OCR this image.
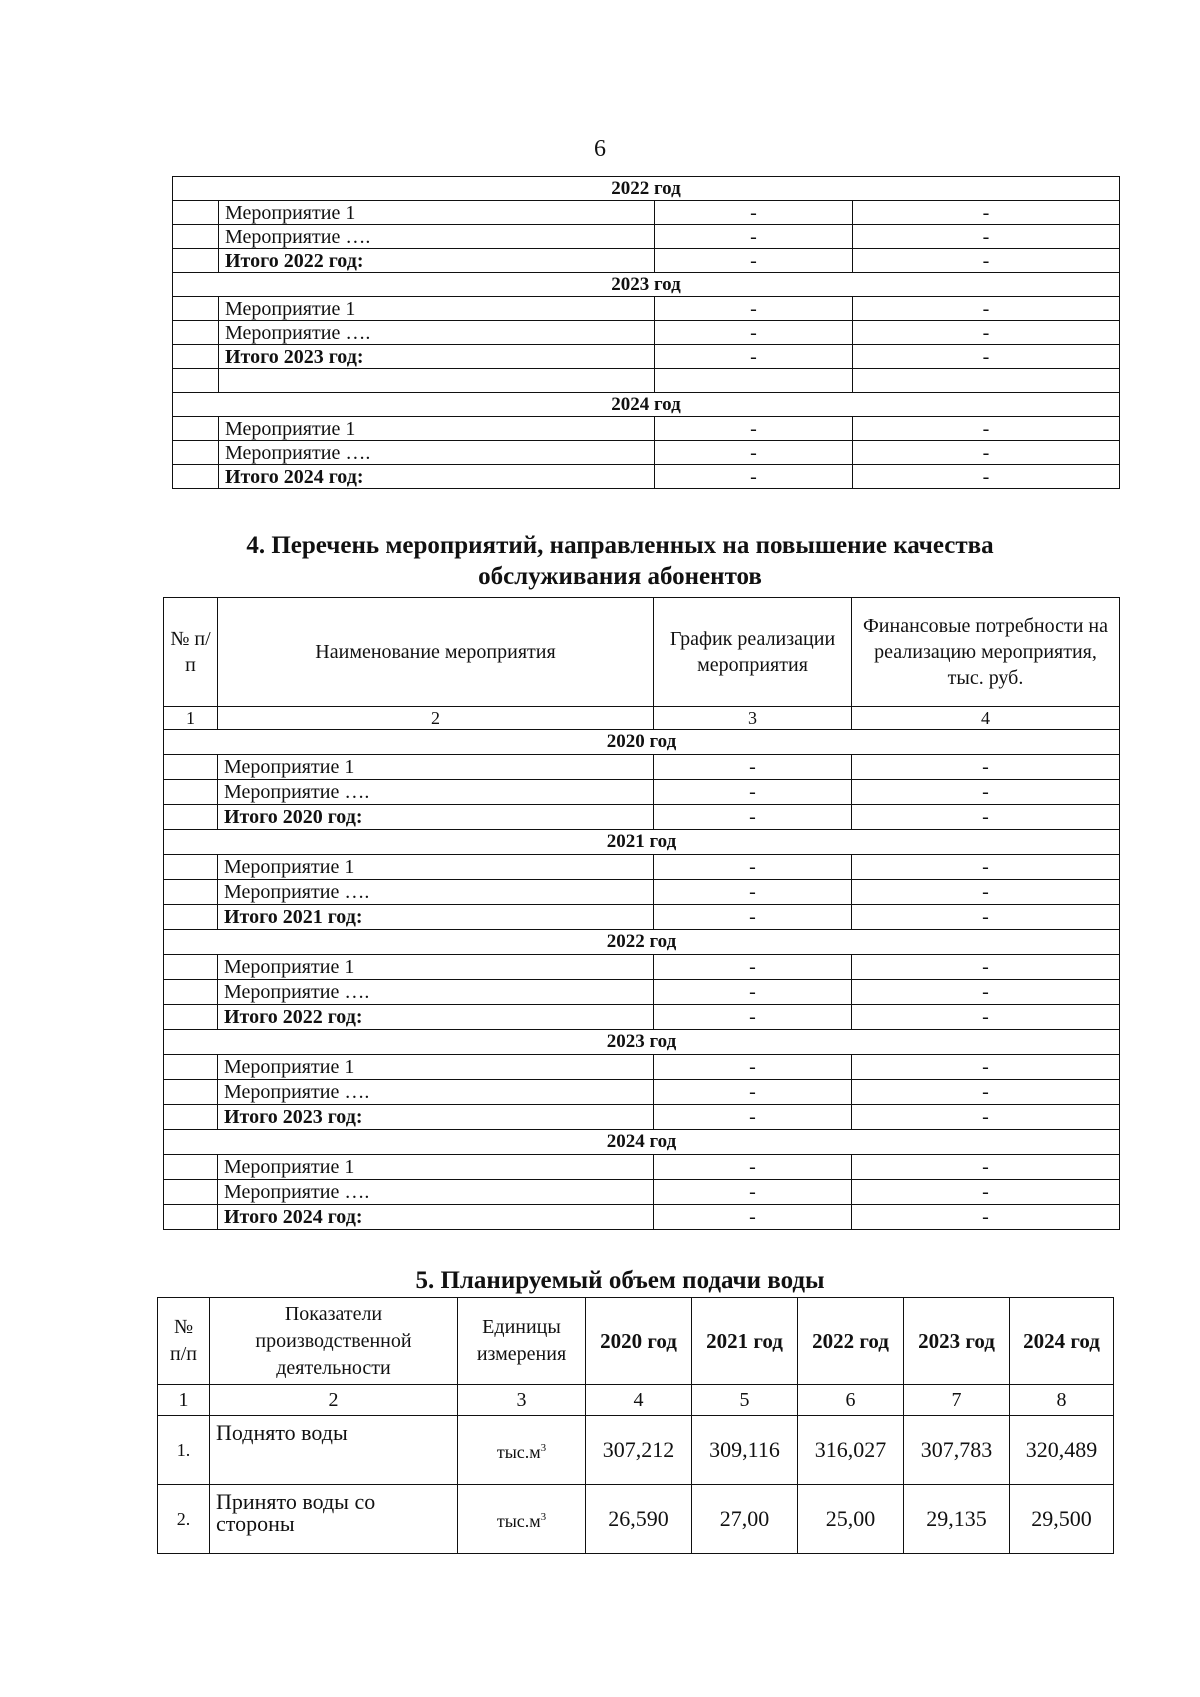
6
2022 год			
	Мероприятие 1	-	-
	Мероприятие ….	-	-
	Итого 2022 год:	-	-
2023 год			
	Мероприятие 1	-	-
	Мероприятие ….	-	-
	Итого 2023 год:	-	-

2024 год			
	Мероприятие 1	-	-
	Мероприятие ….	-	-
	Итого 2024 год:	-	-
4. Перечень мероприятий, направленных на повышение качества
обслуживания абонентов
№ п/п	Наименование мероприятия	График реализации мероприятия	Финансовые потребности на реализацию мероприятия, тыс. руб.
1	2	3	4
2020 год			
	Мероприятие 1	-	-
	Мероприятие ….	-	-
	Итого 2020 год:	-	-
2021 год			
	Мероприятие 1	-	-
	Мероприятие ….	-	-
	Итого 2021 год:	-	-
2022 год			
	Мероприятие 1	-	-
	Мероприятие ….	-	-
	Итого 2022 год:	-	-
2023 год			
	Мероприятие 1	-	-
	Мероприятие ….	-	-
	Итого 2023 год:	-	-
2024 год			
	Мероприятие 1	-	-
	Мероприятие ….	-	-
	Итого 2024 год:	-	-
5. Планируемый объем подачи воды
№ п/п	Показатели производственной деятельности	Единицы измерения	2020 год	2021 год	2022 год	2023 год	2024 год
1	2	3	4	5	6	7	8
1.	Поднято воды	$тыс.м^3$	307,212	309,116	316,027	307,783	320,489
2.	Принято воды со стороны	$тыс.м^3$	26,590	27,00	25,00	29,135	29,500
